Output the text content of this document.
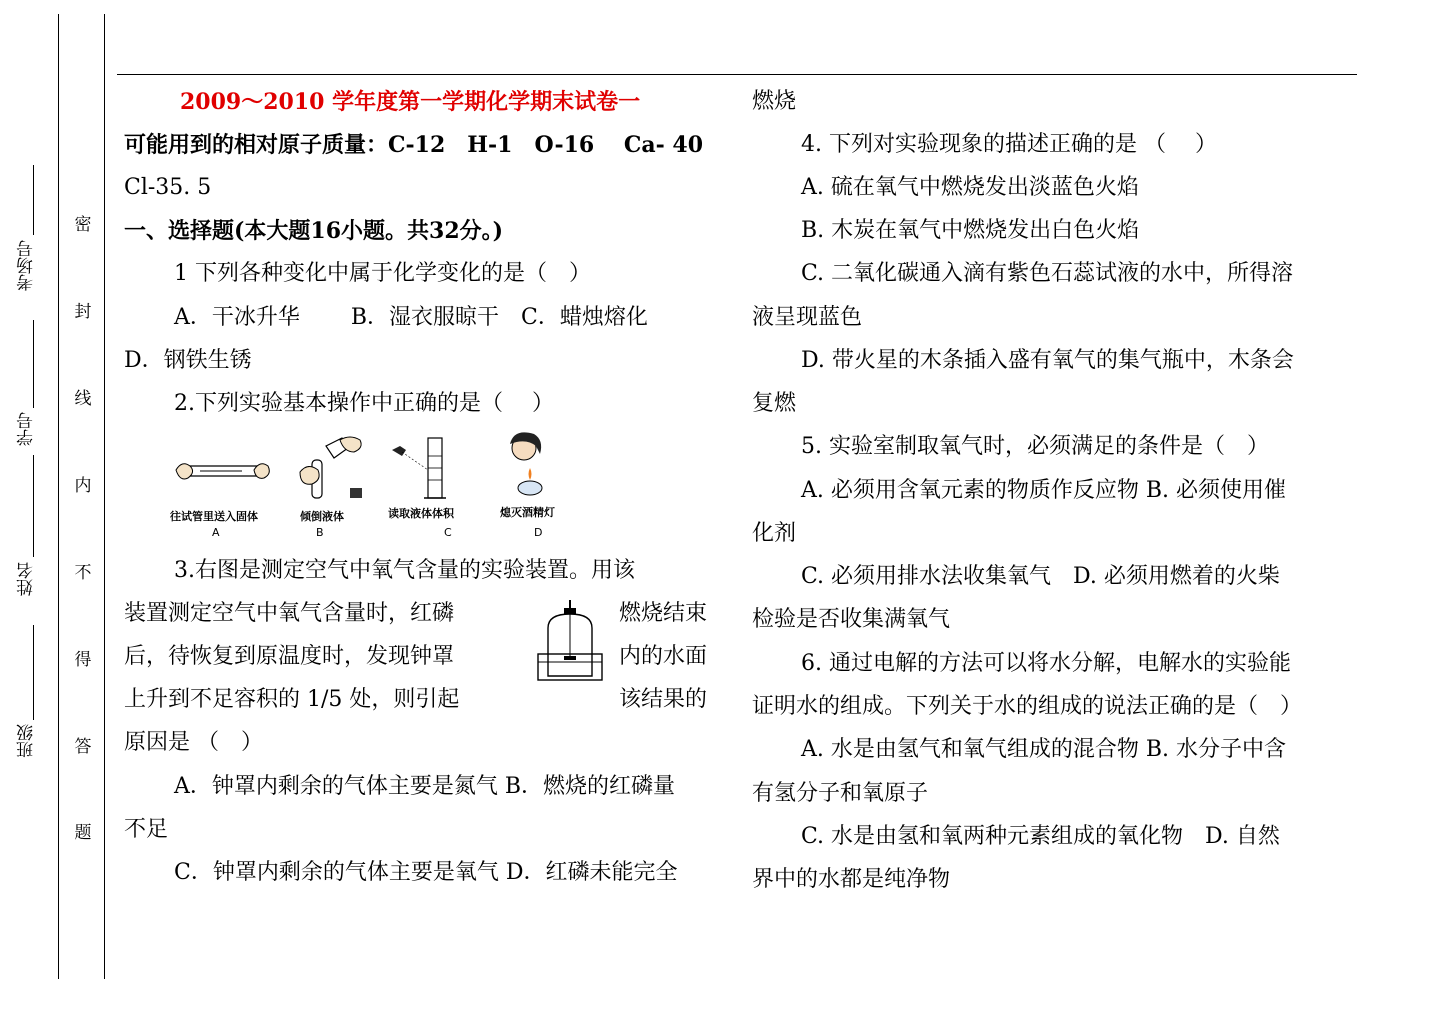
考场号
学号
姓名
班级
密
封
线
内
不
得
答
题
2009～2010 学年度第一学期化学期末试卷一
可能用到的相对原子质量：C-12　H-1　O-16　 Ca- 40
Cl-35. 5
一、选择题(本大题16小题。共32分。)
1 下列各种变化中属于化学变化的是（　）
A．干冰升华　　 B．湿衣服晾干　C．蜡烛熔化
D．钢铁生锈
2.下列实验基本操作中正确的是（　 ）
往试管里送入固体
A
倾倒液体
B
读取液体体积
C
熄灭酒精灯
D
3.右图是测定空气中氧气含量的实验装置。用该
装置测定空气中氧气含量时，红磷	燃烧结束
后，待恢复到原温度时，发现钟罩	内的水面
上升到不足容积的 1/5 处，则引起	该结果的
原因是 （　）
A．钟罩内剩余的气体主要是氮气 B．燃烧的红磷量
不足
C．钟罩内剩余的气体主要是氧气 D．红磷未能完全
燃烧
4. 下列对实验现象的描述正确的是 （　 ）
A. 硫在氧气中燃烧发出淡蓝色火焰
B. 木炭在氧气中燃烧发出白色火焰
C. 二氧化碳通入滴有紫色石蕊试液的水中，所得溶
液呈现蓝色
D. 带火星的木条插入盛有氧气的集气瓶中，木条会
复燃
5. 实验室制取氧气时，必须满足的条件是（　）
A. 必须用含氧元素的物质作反应物 B. 必须使用催
化剂
C. 必须用排水法收集氧气　D. 必须用燃着的火柴
检验是否收集满氧气
6. 通过电解的方法可以将水分解，电解水的实验能
证明水的组成。下列关于水的组成的说法正确的是（　）
A. 水是由氢气和氧气组成的混合物 B. 水分子中含
有氢分子和氧原子
C. 水是由氢和氧两种元素组成的氧化物　D. 自然
界中的水都是纯净物
